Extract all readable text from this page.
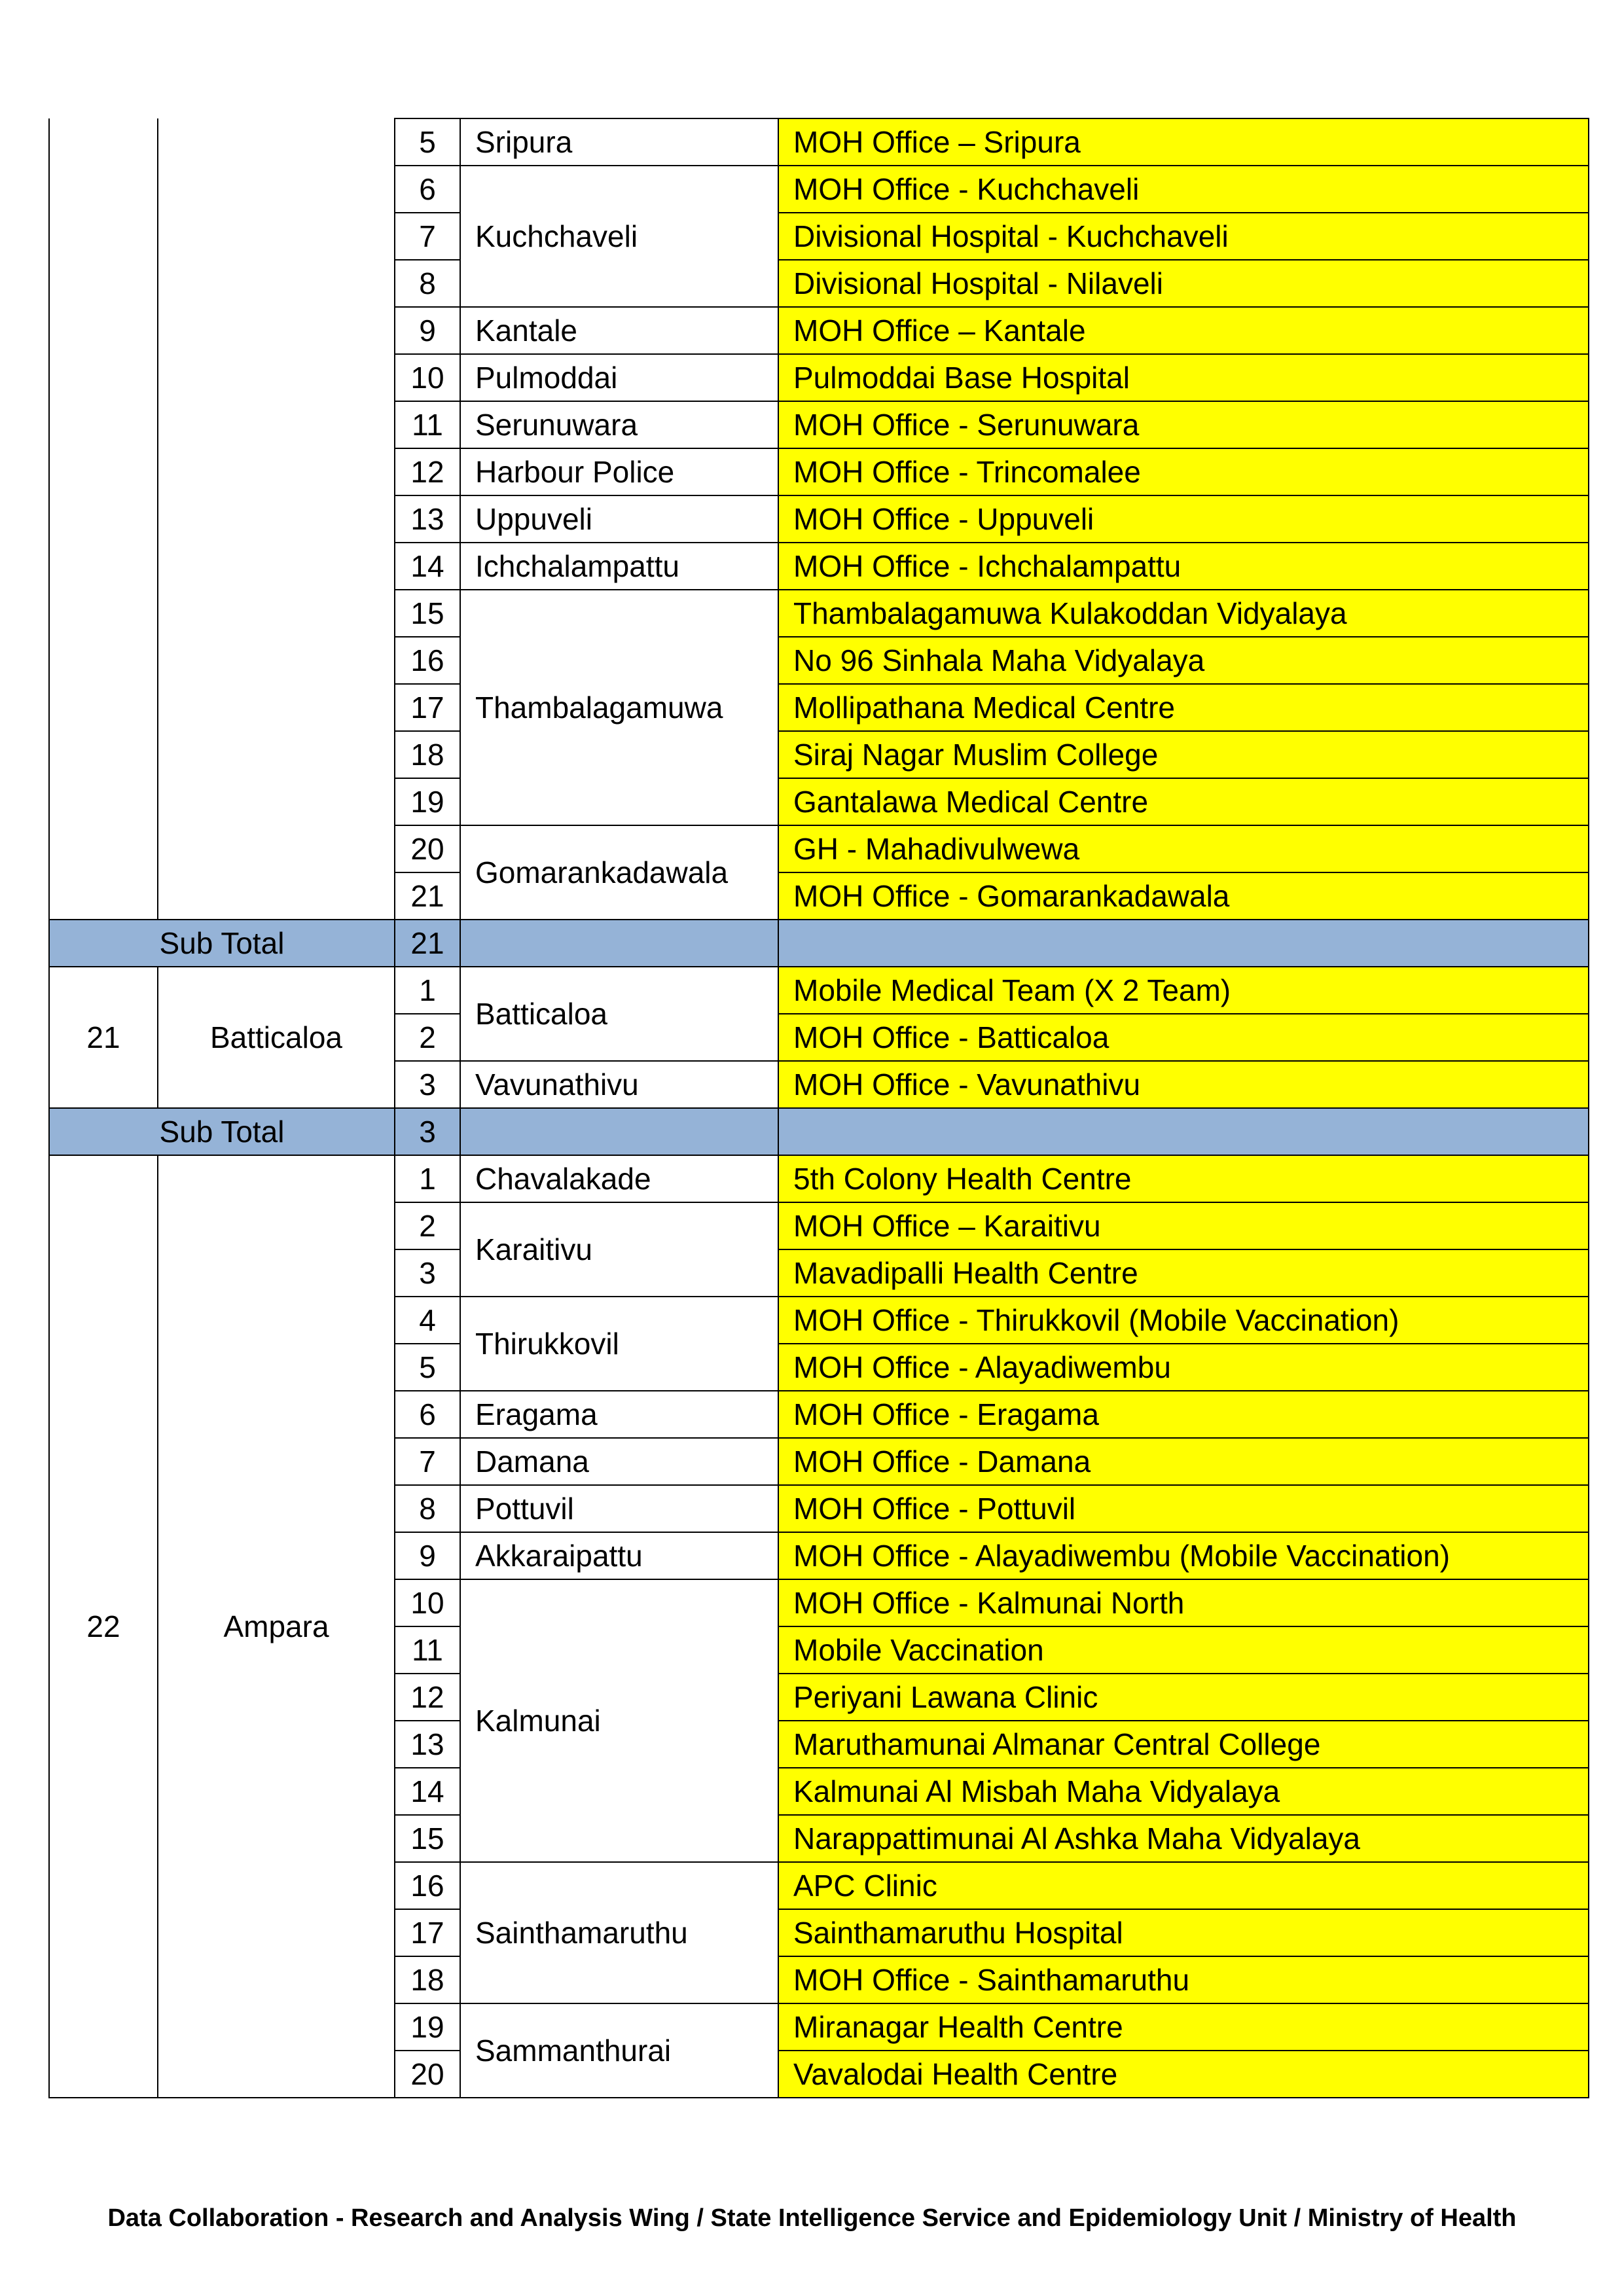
		5	Sripura	MOH Office – Sripura
		6	Kuchchaveli	MOH Office - Kuchchaveli
		7		Divisional Hospital - Kuchchaveli
		8		Divisional Hospital - Nilaveli
		9	Kantale	MOH Office – Kantale
		10	Pulmoddai	Pulmoddai Base Hospital
		11	Serunuwara	MOH Office - Serunuwara
		12	Harbour Police	MOH Office - Trincomalee
		13	Uppuveli	MOH Office - Uppuveli
		14	Ichchalampattu	MOH Office - Ichchalampattu
		15	Thambalagamuwa	Thambalagamuwa Kulakoddan Vidyalaya
		16		No 96 Sinhala Maha Vidyalaya
		17		Mollipathana Medical Centre
		18		Siraj Nagar Muslim College
		19		Gantalawa Medical Centre
		20	Gomarankadawala	GH - Mahadivulwewa
		21		MOH Office - Gomarankadawala
Sub Total		21		
21	Batticaloa	1	Batticaloa	Mobile Medical Team (X 2 Team)
		2		MOH Office - Batticaloa
		3	Vavunathivu	MOH Office - Vavunathivu
Sub Total		3		
22	Ampara	1	Chavalakade	5th Colony Health Centre
		2	Karaitivu	MOH Office – Karaitivu
		3		Mavadipalli Health Centre
		4	Thirukkovil	MOH Office - Thirukkovil (Mobile Vaccination)
		5		MOH Office - Alayadiwembu
		6	Eragama	MOH Office - Eragama
		7	Damana	MOH Office - Damana
		8	Pottuvil	MOH Office - Pottuvil
		9	Akkaraipattu	MOH Office - Alayadiwembu (Mobile Vaccination)
		10	Kalmunai	MOH Office - Kalmunai North
		11		Mobile Vaccination
		12		Periyani Lawana Clinic
		13		Maruthamunai Almanar Central College
		14		Kalmunai Al Misbah Maha Vidyalaya
		15		Narappattimunai Al Ashka Maha Vidyalaya
		16	Sainthamaruthu	APC Clinic
		17		Sainthamaruthu Hospital
		18		MOH Office - Sainthamaruthu
		19	Sammanthurai	Miranagar Health Centre
		20		Vavalodai Health Centre
Data Collaboration - Research and Analysis Wing / State Intelligence Service and Epidemiology Unit / Ministry of Health
